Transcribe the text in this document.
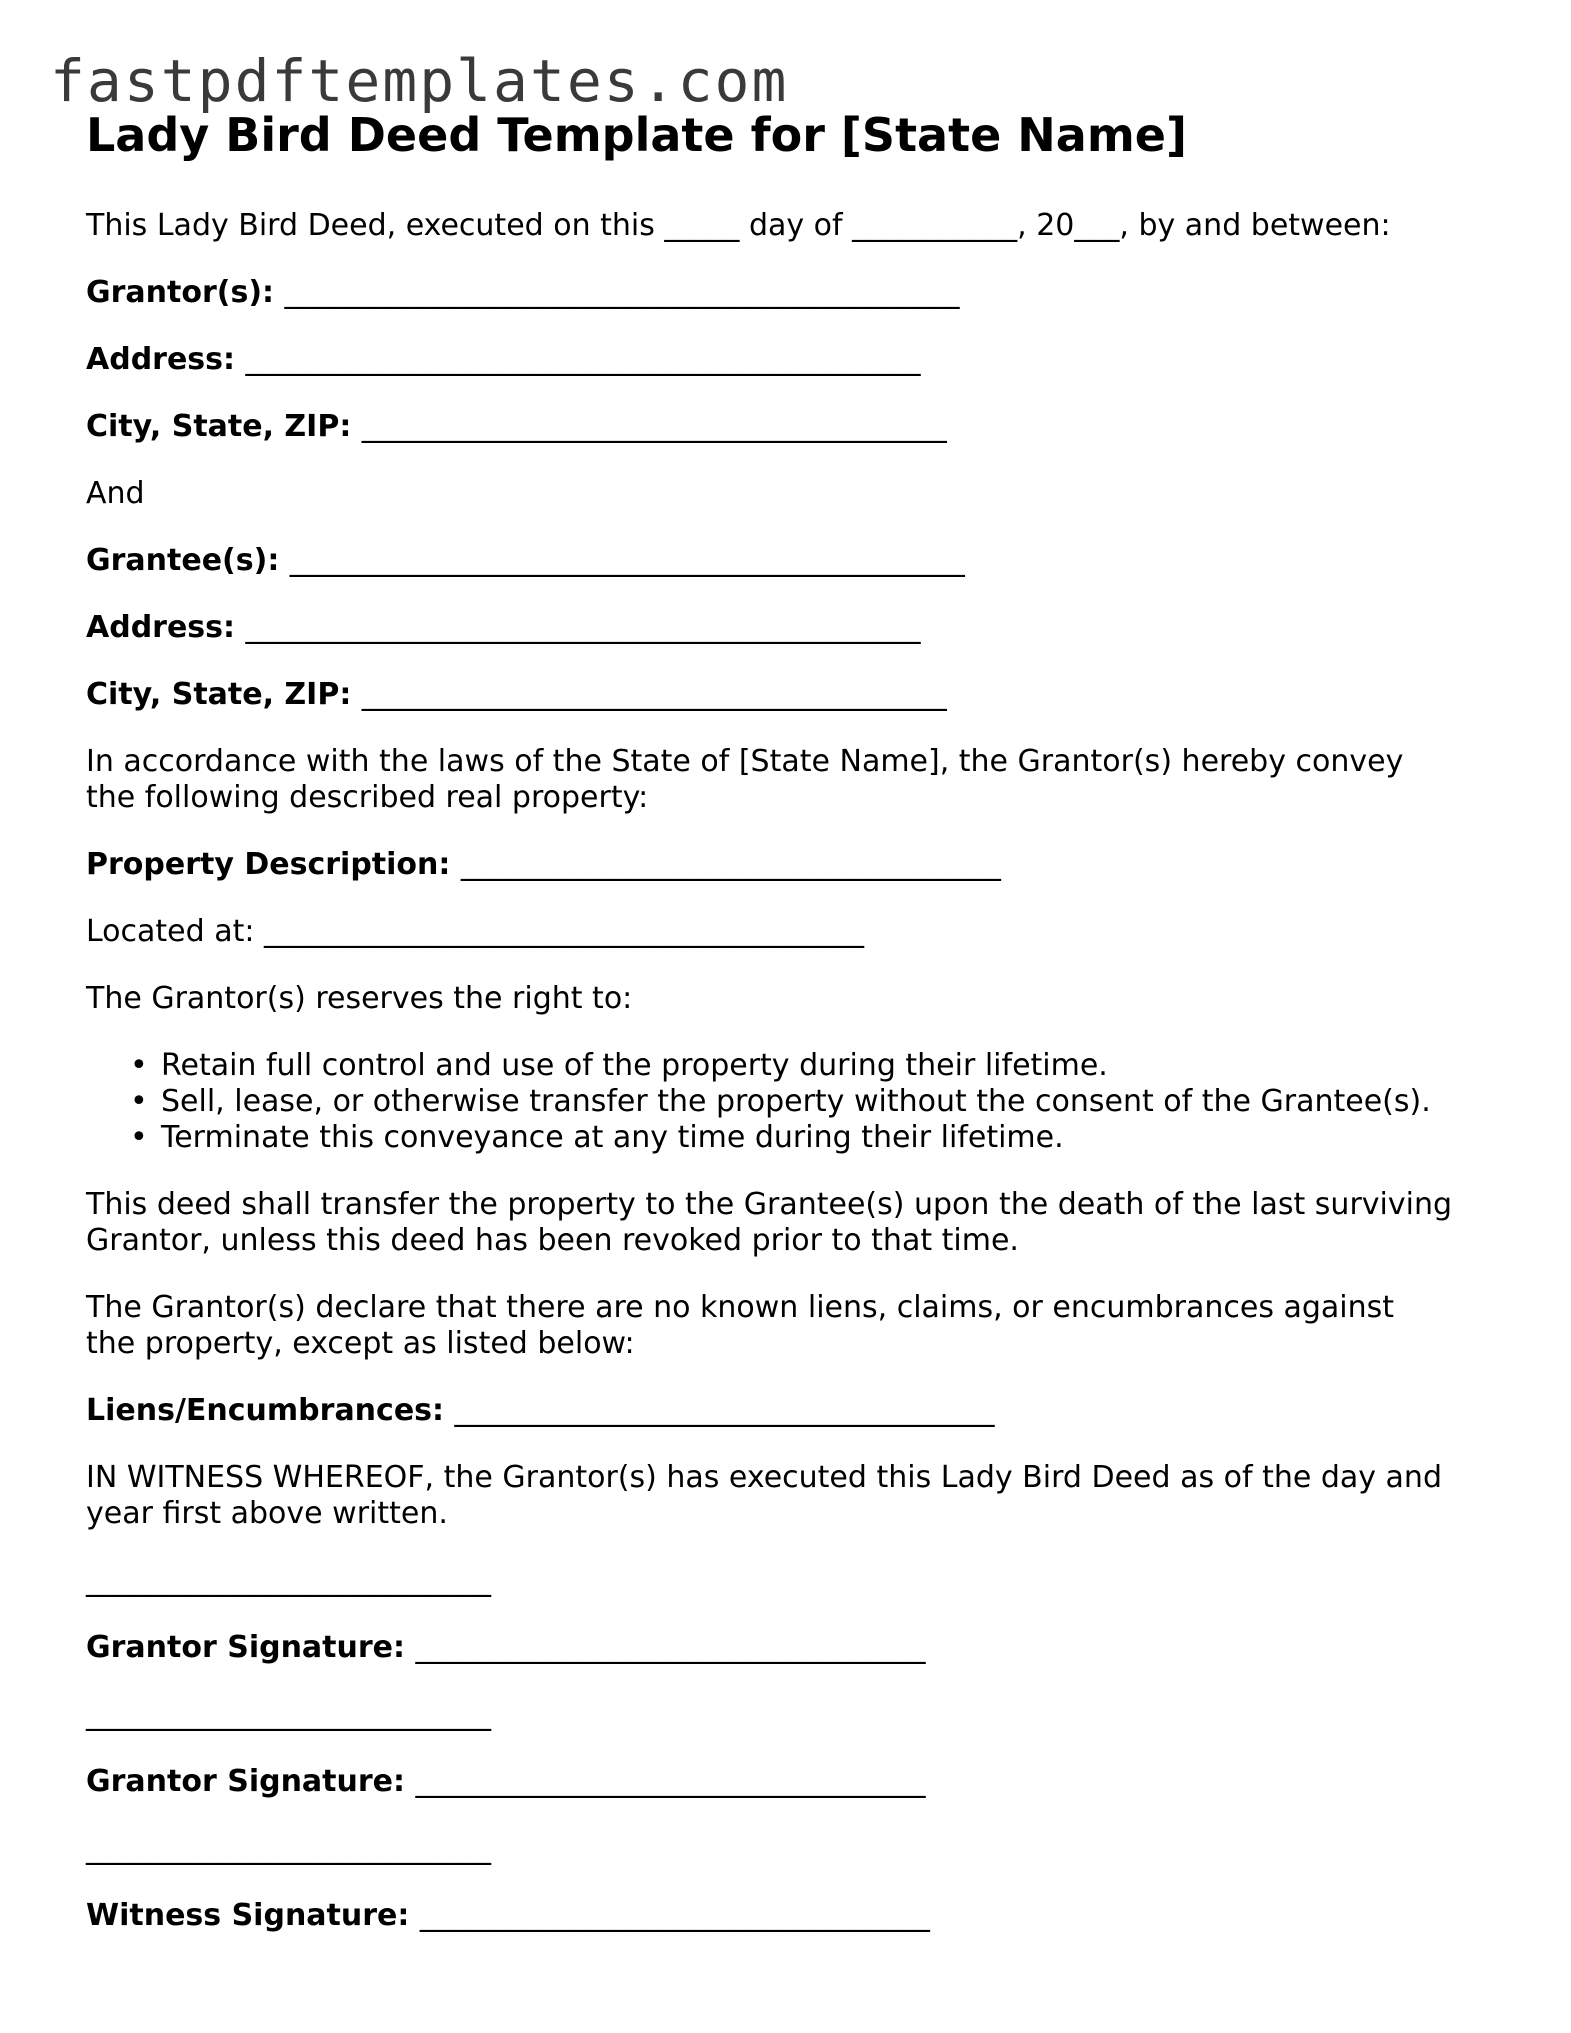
fastpdftemplates.com
Lady Bird Deed Template for [State Name]

This Lady Bird Deed, executed on this _____ day of ___________, 20___, by and between:

Grantor(s): _____________________________________________

Address: _____________________________________________

City, State, ZIP: _______________________________________

And

Grantee(s): _____________________________________________

Address: _____________________________________________

City, State, ZIP: _______________________________________

In accordance with the laws of the State of [State Name], the Grantor(s) hereby convey
the following described real property:

Property Description: ____________________________________

Located at: ________________________________________

The Grantor(s) reserves the right to:

• Retain full control and use of the property during their lifetime.
• Sell, lease, or otherwise transfer the property without the consent of the Grantee(s).
• Terminate this conveyance at any time during their lifetime.

This deed shall transfer the property to the Grantee(s) upon the death of the last surviving
Grantor, unless this deed has been revoked prior to that time.

The Grantor(s) declare that there are no known liens, claims, or encumbrances against
the property, except as listed below:

Liens/Encumbrances: ____________________________________

IN WITNESS WHEREOF, the Grantor(s) has executed this Lady Bird Deed as of the day and
year first above written.

___________________________

Grantor Signature: __________________________________

___________________________

Grantor Signature: __________________________________

___________________________

Witness Signature: __________________________________
